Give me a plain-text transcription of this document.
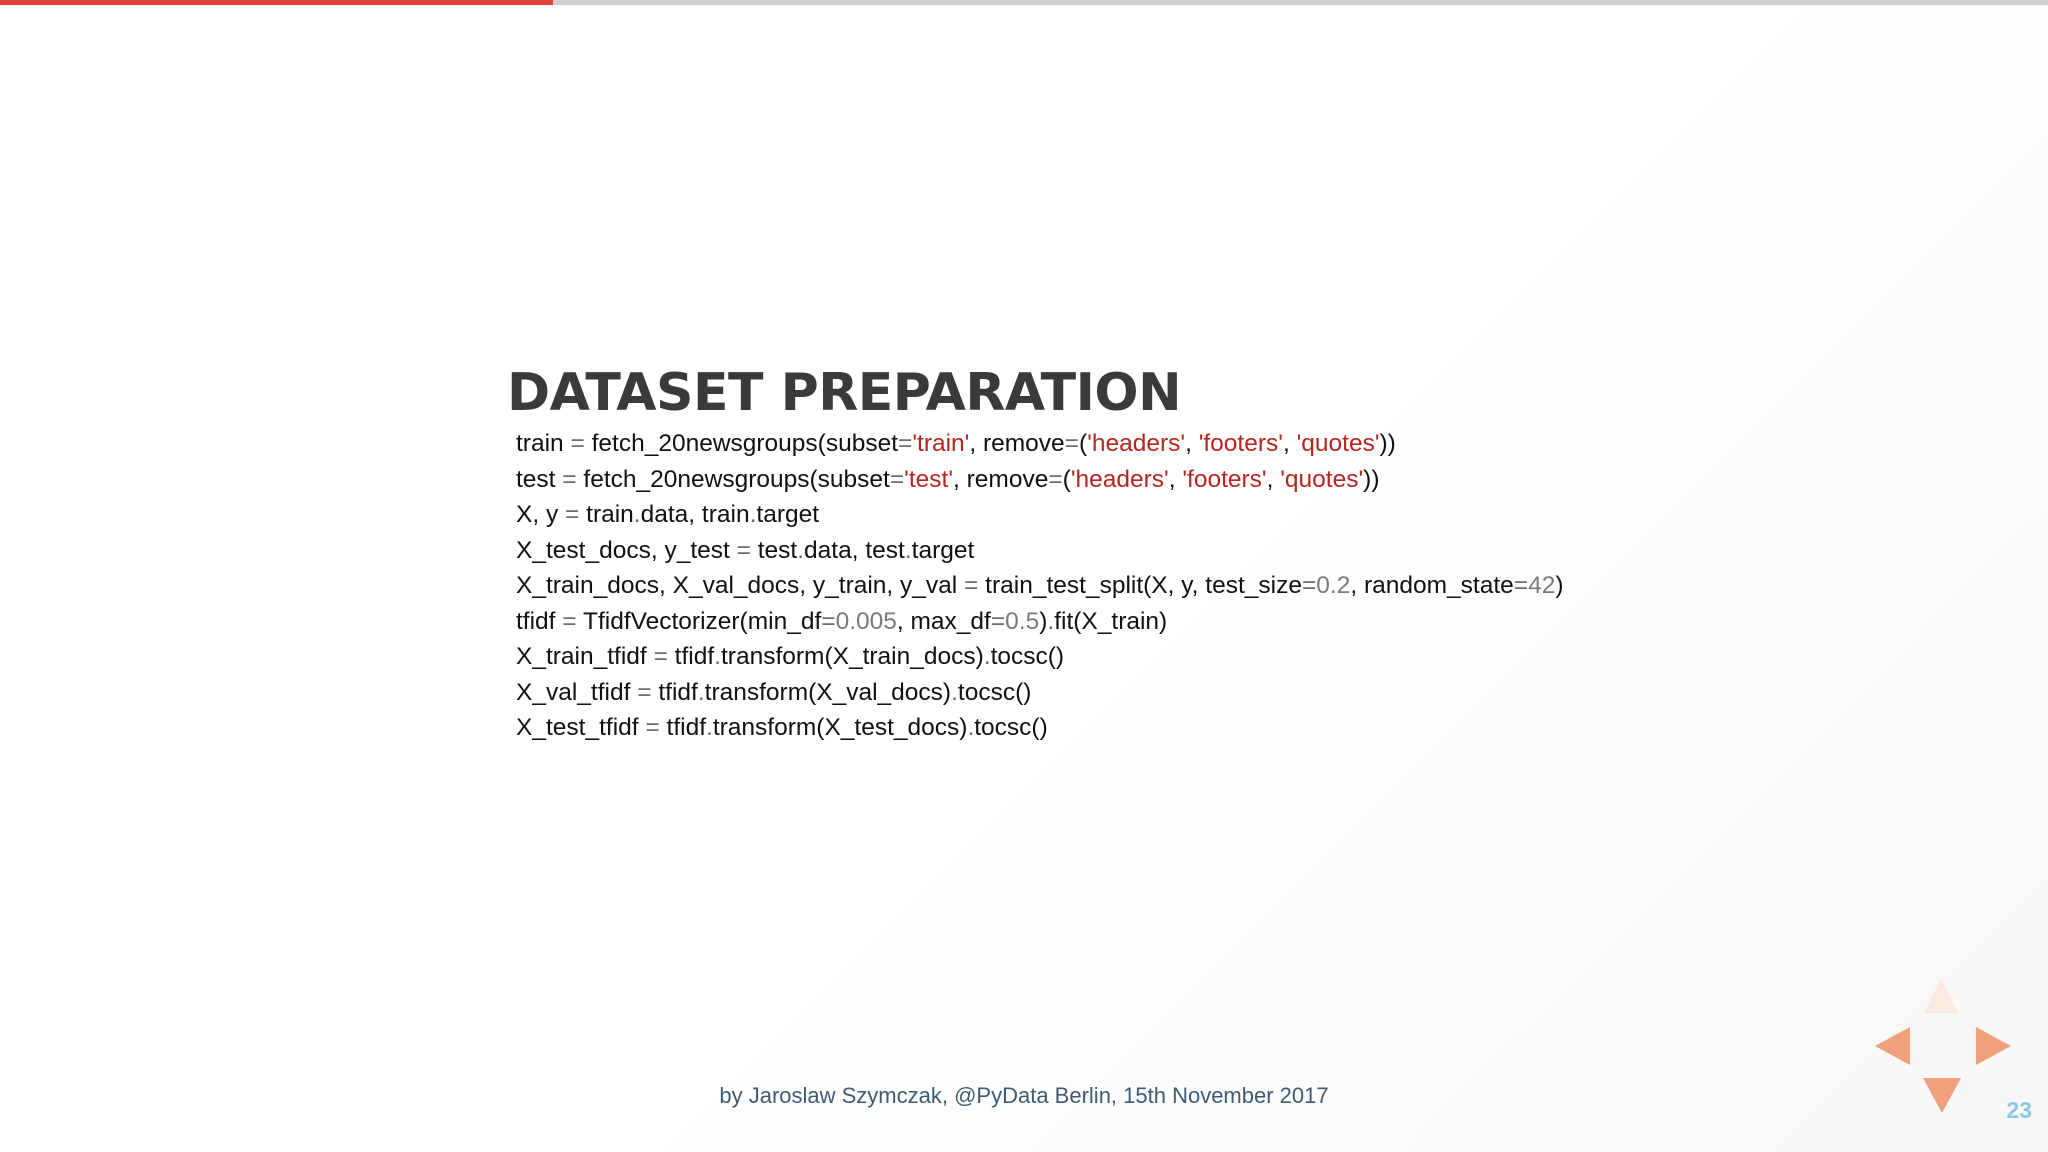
DATASET PREPARATION
train = fetch_20newsgroups(subset='train', remove=('headers', 'footers', 'quotes'))
test = fetch_20newsgroups(subset='test', remove=('headers', 'footers', 'quotes'))
X, y = train.data, train.target
X_test_docs, y_test = test.data, test.target
X_train_docs, X_val_docs, y_train, y_val = train_test_split(X, y, test_size=0.2, random_state=42)
tfidf = TfidfVectorizer(min_df=0.005, max_df=0.5).fit(X_train)
X_train_tfidf = tfidf.transform(X_train_docs).tocsc()
X_val_tfidf = tfidf.transform(X_val_docs).tocsc()
X_test_tfidf = tfidf.transform(X_test_docs).tocsc()
by Jaroslaw Szymczak, @PyData Berlin, 15th November 2017
23
